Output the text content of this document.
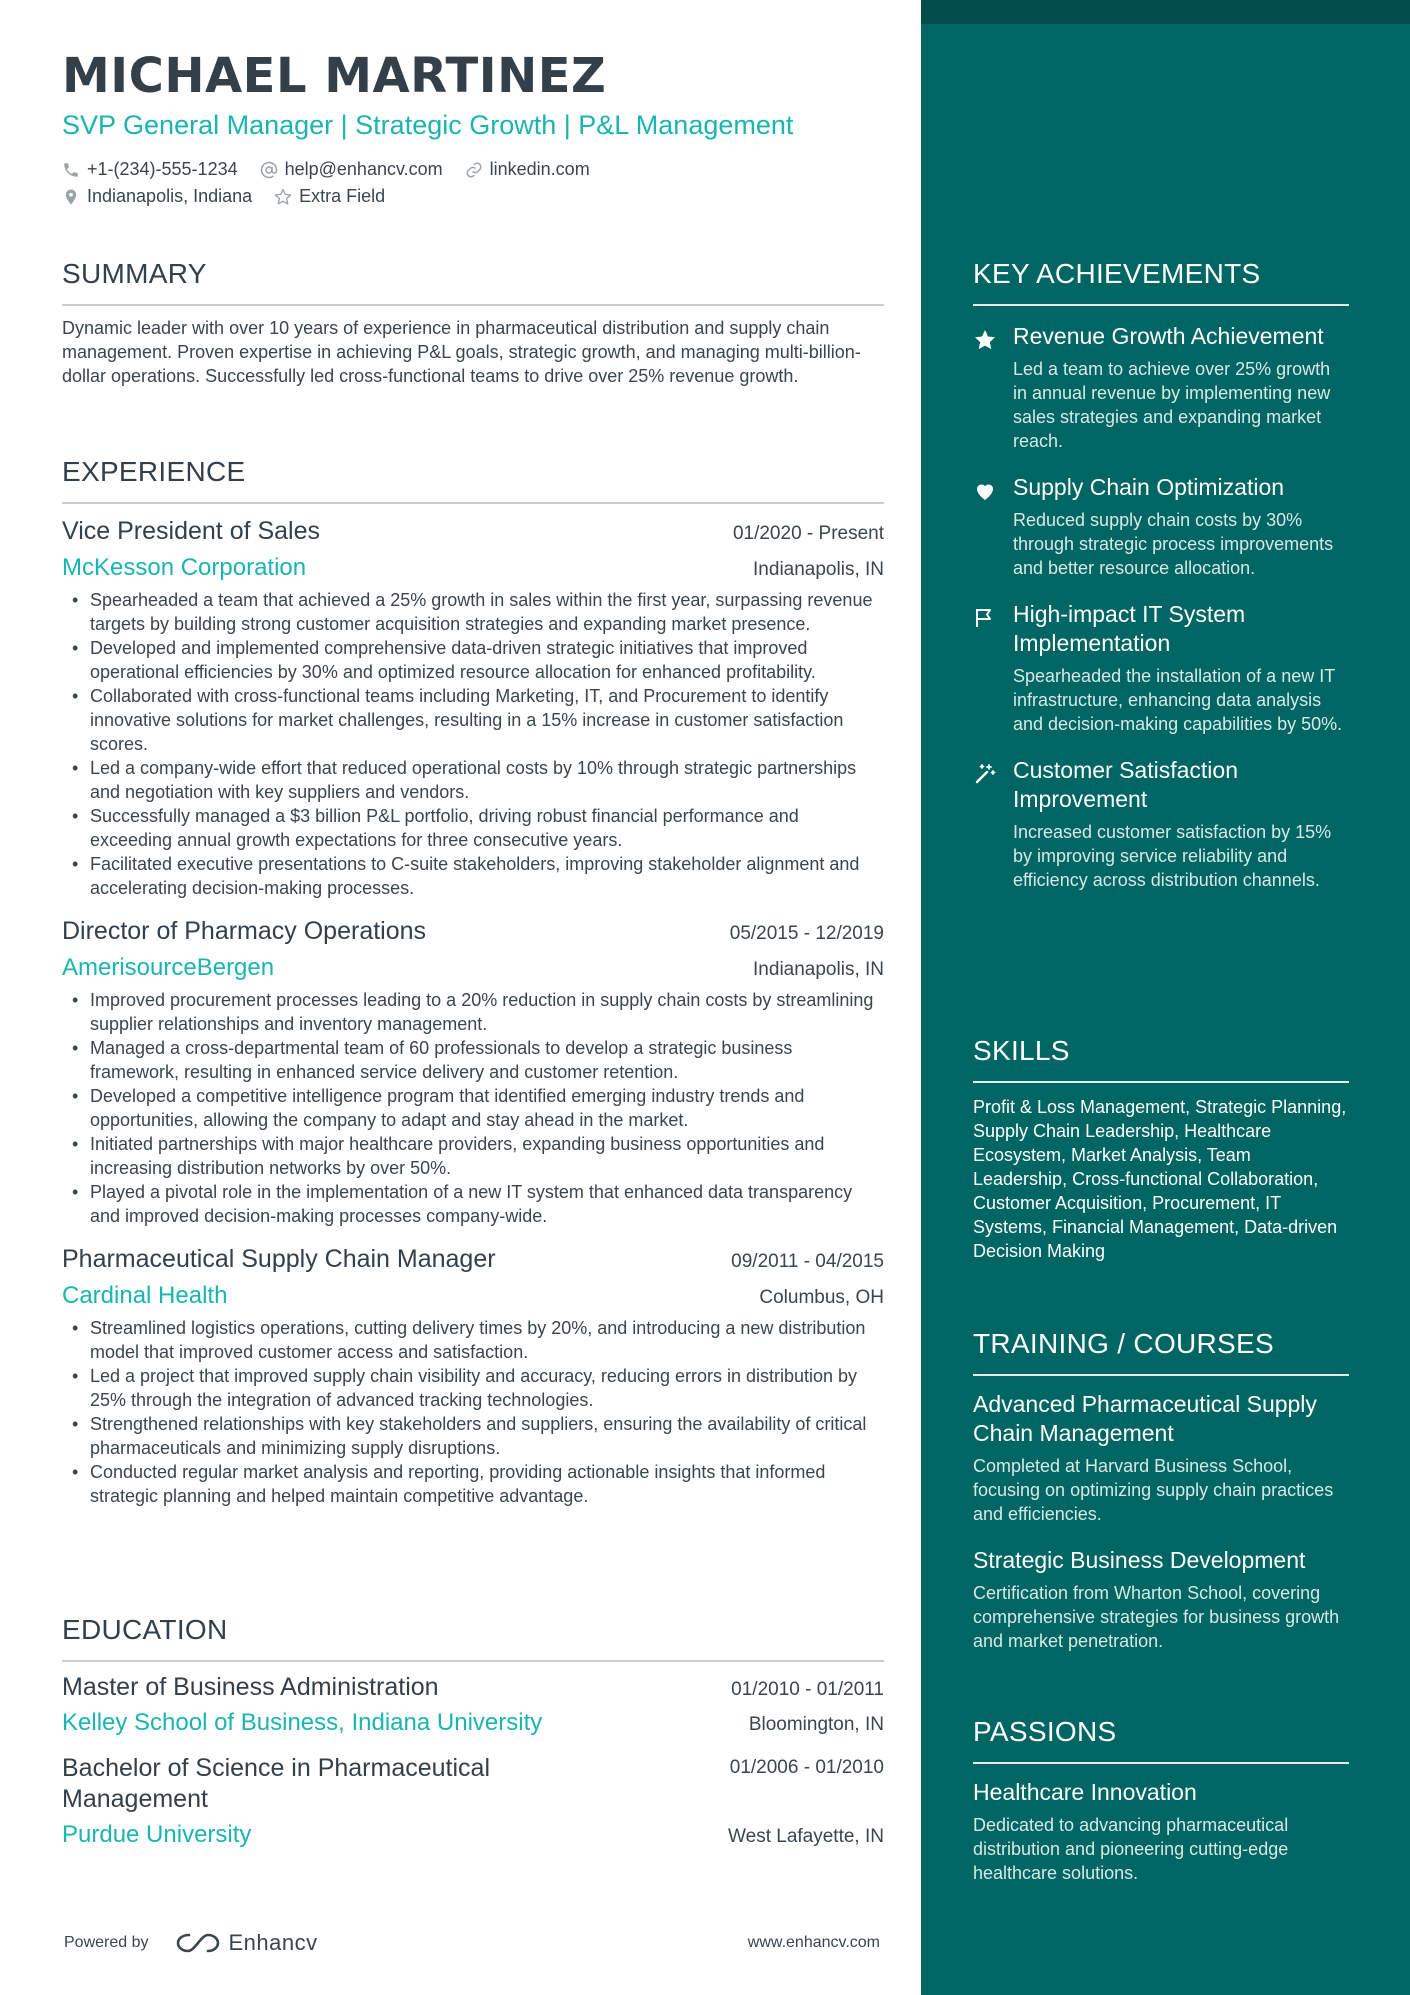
MICHAEL MARTINEZ
SVP General Manager | Strategic Growth | P&L Management
+1-(234)-555-1234	help@enhancv.com	linkedin.com
Indianapolis, Indiana	Extra Field
SUMMARY
Dynamic leader with over 10 years of experience in pharmaceutical distribution and supply chain management. Proven expertise in achieving P&L goals, strategic growth, and managing multi-billion-dollar operations. Successfully led cross-functional teams to drive over 25% revenue growth.
EXPERIENCE
Vice President of Sales	01/2020 - Present
McKesson Corporation	Indianapolis, IN
• Spearheaded a team that achieved a 25% growth in sales within the first year, surpassing revenue targets by building strong customer acquisition strategies and expanding market presence.
• Developed and implemented comprehensive data-driven strategic initiatives that improved operational efficiencies by 30% and optimized resource allocation for enhanced profitability.
• Collaborated with cross-functional teams including Marketing, IT, and Procurement to identify innovative solutions for market challenges, resulting in a 15% increase in customer satisfaction scores.
• Led a company-wide effort that reduced operational costs by 10% through strategic partnerships and negotiation with key suppliers and vendors.
• Successfully managed a $3 billion P&L portfolio, driving robust financial performance and exceeding annual growth expectations for three consecutive years.
• Facilitated executive presentations to C-suite stakeholders, improving stakeholder alignment and accelerating decision-making processes.
Director of Pharmacy Operations	05/2015 - 12/2019
AmerisourceBergen	Indianapolis, IN
• Improved procurement processes leading to a 20% reduction in supply chain costs by streamlining supplier relationships and inventory management.
• Managed a cross-departmental team of 60 professionals to develop a strategic business framework, resulting in enhanced service delivery and customer retention.
• Developed a competitive intelligence program that identified emerging industry trends and opportunities, allowing the company to adapt and stay ahead in the market.
• Initiated partnerships with major healthcare providers, expanding business opportunities and increasing distribution networks by over 50%.
• Played a pivotal role in the implementation of a new IT system that enhanced data transparency and improved decision-making processes company-wide.
Pharmaceutical Supply Chain Manager	09/2011 - 04/2015
Cardinal Health	Columbus, OH
• Streamlined logistics operations, cutting delivery times by 20%, and introducing a new distribution model that improved customer access and satisfaction.
• Led a project that improved supply chain visibility and accuracy, reducing errors in distribution by 25% through the integration of advanced tracking technologies.
• Strengthened relationships with key stakeholders and suppliers, ensuring the availability of critical pharmaceuticals and minimizing supply disruptions.
• Conducted regular market analysis and reporting, providing actionable insights that informed strategic planning and helped maintain competitive advantage.
EDUCATION
Master of Business Administration	01/2010 - 01/2011
Kelley School of Business, Indiana University	Bloomington, IN
Bachelor of Science in Pharmaceutical Management
01/2006 - 01/2010
Purdue University	West Lafayette, IN
Powered by	Enhancv	www.enhancv.com
KEY ACHIEVEMENTS
Revenue Growth Achievement
Led a team to achieve over 25% growth in annual revenue by implementing new sales strategies and expanding market reach.
Supply Chain Optimization
Reduced supply chain costs by 30% through strategic process improvements and better resource allocation.
High-impact IT System Implementation
Spearheaded the installation of a new IT infrastructure, enhancing data analysis and decision-making capabilities by 50%.
Customer Satisfaction Improvement
Increased customer satisfaction by 15% by improving service reliability and efficiency across distribution channels.
SKILLS
Profit & Loss Management, Strategic Planning, Supply Chain Leadership, Healthcare Ecosystem, Market Analysis, Team Leadership, Cross-functional Collaboration, Customer Acquisition, Procurement, IT Systems, Financial Management, Data-driven Decision Making
TRAINING / COURSES
Advanced Pharmaceutical Supply Chain Management
Completed at Harvard Business School, focusing on optimizing supply chain practices and efficiencies.
Strategic Business Development
Certification from Wharton School, covering comprehensive strategies for business growth and market penetration.
PASSIONS
Healthcare Innovation
Dedicated to advancing pharmaceutical distribution and pioneering cutting-edge healthcare solutions.
